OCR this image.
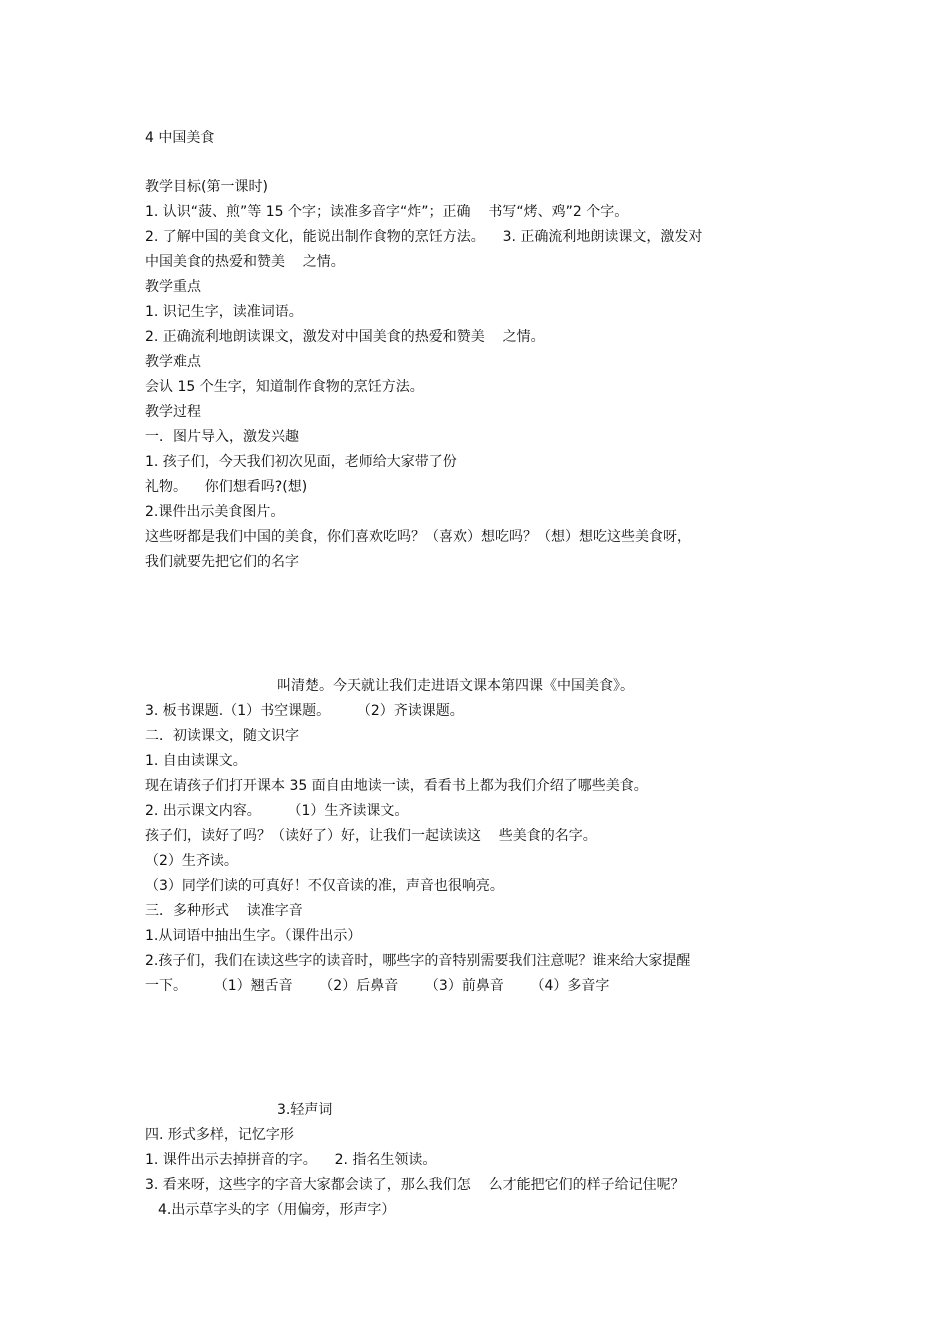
4 中国美食
教学目标(第一课时)
1. 认识“菠、煎”等 15 个字；读准多音字“炸”；正确    书写“烤、鸡”2 个字。
2. 了解中国的美食文化，能说出制作食物的烹饪方法。    3. 正确流利地朗读课文，激发对
中国美食的热爱和赞美    之情。
教学重点
1. 识记生字，读准词语。
2. 正确流利地朗读课文，激发对中国美食的热爱和赞美    之情。
教学难点
会认 15 个生字，知道制作食物的烹饪方法。
教学过程
一．图片导入，激发兴趣
1. 孩子们，今天我们初次见面，老师给大家带了份
礼物。    你们想看吗?(想)
2.课件出示美食图片。
这些呀都是我们中国的美食，你们喜欢吃吗？（喜欢）想吃吗？（想）想吃这些美食呀，
我们就要先把它们的名字
叫清楚。今天就让我们走进语文课本第四课《中国美食》。
3. 板书课题.（1）书空课题。      （2）齐读课题。
二．初读课文，随文识字
1. 自由读课文。
现在请孩子们打开课本 35 面自由地读一读，看看书上都为我们介绍了哪些美食。
2. 出示课文内容。      （1）生齐读课文。
孩子们，读好了吗？（读好了）好，让我们一起读读这    些美食的名字。
（2）生齐读。
（3）同学们读的可真好！不仅音读的准，声音也很响亮。
三．多种形式    读准字音
1.从词语中抽出生字。（课件出示）
2.孩子们，我们在读这些字的读音时，哪些字的音特别需要我们注意呢？谁来给大家提醒
一下。      （1）翘舌音      （2）后鼻音      （3）前鼻音      （4）多音字
3.轻声词
四. 形式多样，记忆字形
1. 课件出示去掉拼音的字。    2. 指名生领读。
3. 看来呀，这些字的字音大家都会读了，那么我们怎    么才能把它们的样子给记住呢？
4.出示草字头的字（用偏旁，形声字）
